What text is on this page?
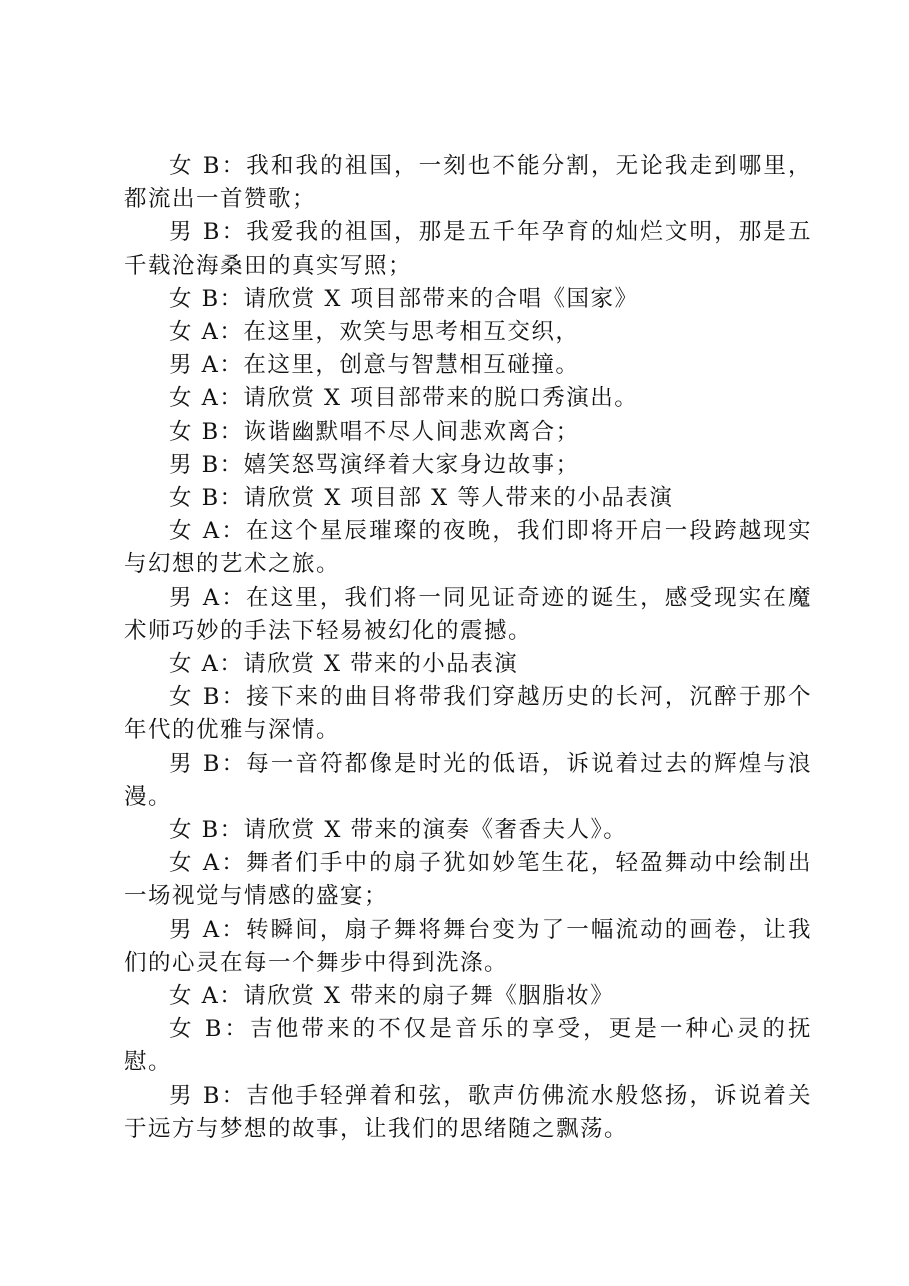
女 B：我和我的祖国，一刻也不能分割，无论我走到哪里，都流出一首赞歌；

男 B：我爱我的祖国，那是五千年孕育的灿烂文明，那是五千载沧海桑田的真实写照；

女 B：请欣赏 X 项目部带来的合唱《国家》

女 A：在这里，欢笑与思考相互交织，

男 A：在这里，创意与智慧相互碰撞。

女 A：请欣赏 X 项目部带来的脱口秀演出。

女 B：诙谐幽默唱不尽人间悲欢离合；

男 B：嬉笑怒骂演绎着大家身边故事；

女 B：请欣赏 X 项目部 X 等人带来的小品表演

女 A：在这个星辰璀璨的夜晚，我们即将开启一段跨越现实与幻想的艺术之旅。

男 A：在这里，我们将一同见证奇迹的诞生，感受现实在魔术师巧妙的手法下轻易被幻化的震撼。

女 A：请欣赏 X 带来的小品表演

女 B：接下来的曲目将带我们穿越历史的长河，沉醉于那个年代的优雅与深情。

男 B：每一音符都像是时光的低语，诉说着过去的辉煌与浪漫。

女 B：请欣赏 X 带来的演奏《奢香夫人》。

女 A：舞者们手中的扇子犹如妙笔生花，轻盈舞动中绘制出一场视觉与情感的盛宴；

男 A：转瞬间，扇子舞将舞台变为了一幅流动的画卷，让我们的心灵在每一个舞步中得到洗涤。

女 A：请欣赏 X 带来的扇子舞《胭脂妆》

女 B：吉他带来的不仅是音乐的享受，更是一种心灵的抚慰。

男 B：吉他手轻弹着和弦，歌声仿佛流水般悠扬，诉说着关于远方与梦想的故事，让我们的思绪随之飘荡。
